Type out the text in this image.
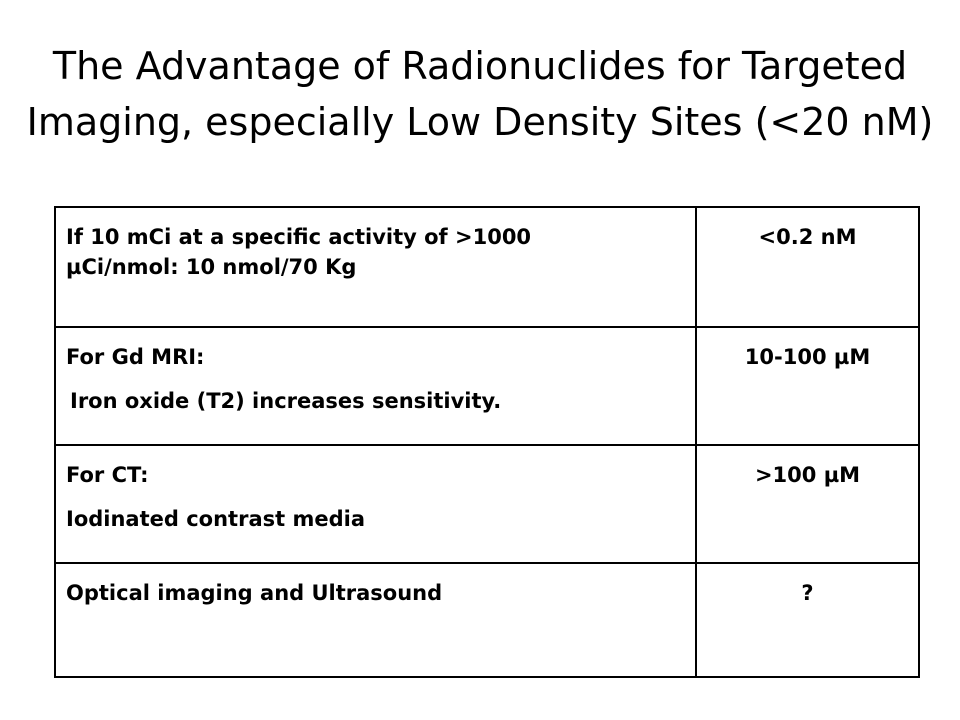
The Advantage of Radionuclides for Targeted
Imaging, especially Low Density Sites (<20 nM)
If 10 mCi at a specific activity of >1000
µCi/nmol: 10 nmol/70 Kg	<0.2 nM

For Gd MRI:
Iron oxide (T2) increases sensitivity.	10-100 µM

For CT:
Iodinated contrast media	>100 µM

Optical imaging and Ultrasound	?
